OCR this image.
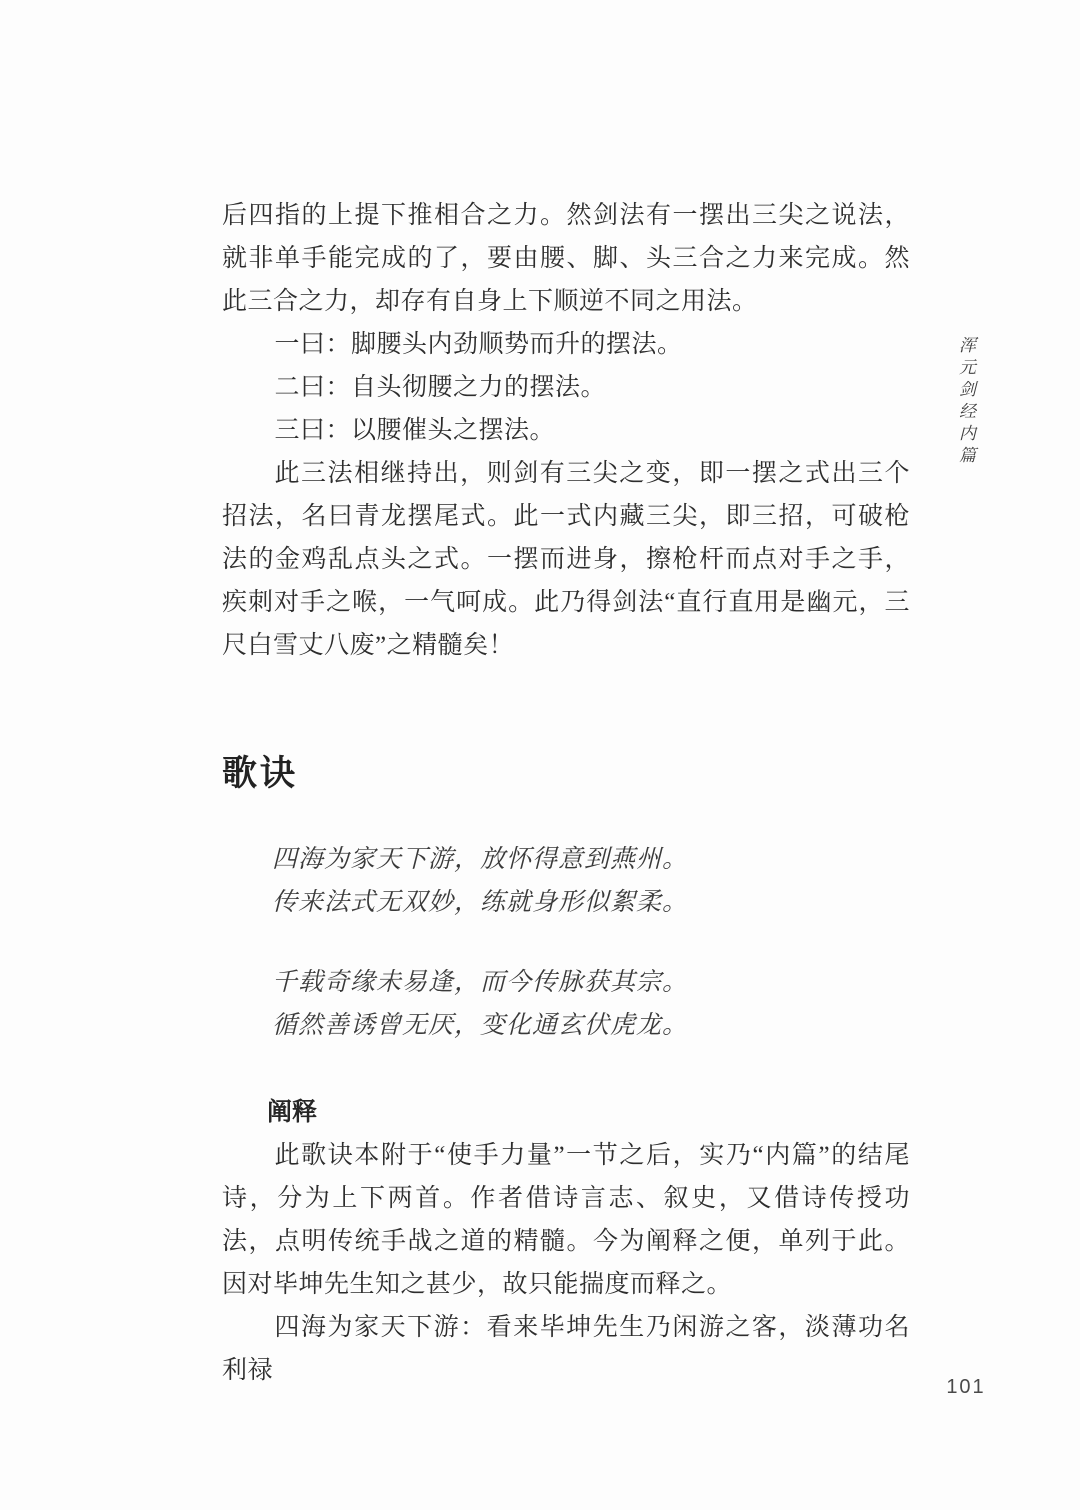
后四指的上提下推相合之力。然剑法有一摆出三尖之说法，就非单手能完成的了，要由腰、脚、头三合之力来完成。然此三合之力，却存有自身上下顺逆不同之用法。

一曰：脚腰头内劲顺势而升的摆法。

二曰：自头彻腰之力的摆法。

三曰：以腰催头之摆法。

此三法相继持出，则剑有三尖之变，即一摆之式出三个招法，名曰青龙摆尾式。此一式内藏三尖，即三招，可破枪法的金鸡乱点头之式。一摆而进身，擦枪杆而点对手之手，疾刺对手之喉，一气呵成。此乃得剑法“直行直用是幽元，三尺白雪丈八废”之精髓矣！

歌诀

四海为家天下游，放怀得意到燕州。

传来法式无双妙，练就身形似絮柔。

千载奇缘未易逢，而今传脉获其宗。

循然善诱曾无厌，变化通玄伏虎龙。

阐释

此歌诀本附于“使手力量”一节之后，实乃“内篇”的结尾诗，分为上下两首。作者借诗言志、叙史，又借诗传授功法，点明传统手战之道的精髓。今为阐释之便，单列于此。因对毕坤先生知之甚少，故只能揣度而释之。

四海为家天下游：看来毕坤先生乃闲游之客，淡薄功名利禄

浑元剑经内篇
101
